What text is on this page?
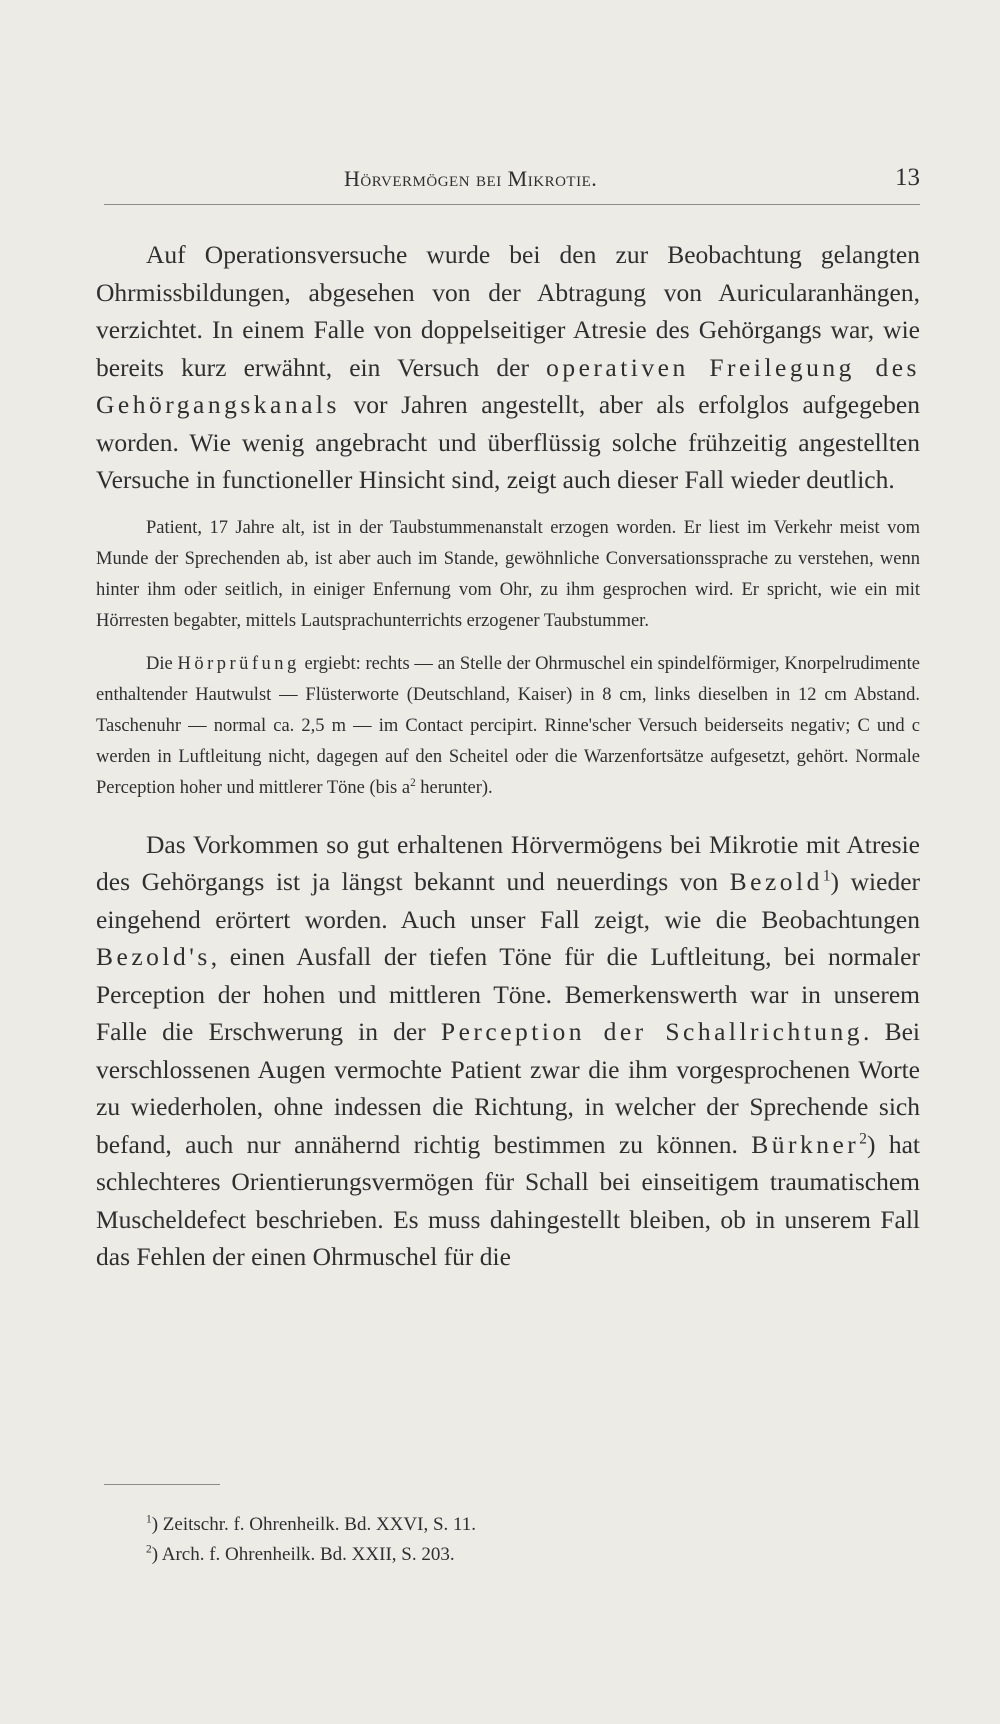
Hörvermögen bei Mikrotie.	13

Auf Operationsversuche wurde bei den zur Beobachtung gelangten Ohrmissbildungen, abgesehen von der Abtragung von Auricularanhängen, verzichtet. In einem Falle von doppelseitiger Atresie des Gehörgangs war, wie bereits kurz erwähnt, ein Versuch der operativen Freilegung des Gehörgangskanals vor Jahren angestellt, aber als erfolglos aufgegeben worden. Wie wenig angebracht und überflüssig solche frühzeitig angestellten Versuche in functioneller Hinsicht sind, zeigt auch dieser Fall wieder deutlich.

Patient, 17 Jahre alt, ist in der Taubstummenanstalt erzogen worden. Er liest im Verkehr meist vom Munde der Sprechenden ab, ist aber auch im Stande, gewöhnliche Conversationssprache zu verstehen, wenn hinter ihm oder seitlich, in einiger Enfernung vom Ohr, zu ihm gesprochen wird. Er spricht, wie ein mit Hörresten begabter, mittels Lautsprachunterrichts erzogener Taubstummer.

Die Hörprüfung ergiebt: rechts — an Stelle der Ohrmuschel ein spindelförmiger, Knorpelrudimente enthaltender Hautwulst — Flüsterworte (Deutschland, Kaiser) in 8 cm, links dieselben in 12 cm Abstand. Taschenuhr — normal ca. 2,5 m — im Contact percipirt. Rinne'scher Versuch beiderseits negativ; C und c werden in Luftleitung nicht, dagegen auf den Scheitel oder die Warzenfortsätze aufgesetzt, gehört. Normale Perception hoher und mittlerer Töne (bis $a^2$ herunter).

Das Vorkommen so gut erhaltenen Hörvermögens bei Mikrotie mit Atresie des Gehörgangs ist ja längst bekannt und neuerdings von Bezold$^1$) wieder eingehend erörtert worden. Auch unser Fall zeigt, wie die Beobachtungen Bezold's, einen Ausfall der tiefen Töne für die Luftleitung, bei normaler Perception der hohen und mittleren Töne. Bemerkenswerth war in unserem Falle die Erschwerung in der Perception der Schallrichtung. Bei verschlossenen Augen vermochte Patient zwar die ihm vorgesprochenen Worte zu wiederholen, ohne indessen die Richtung, in welcher der Sprechende sich befand, auch nur annähernd richtig bestimmen zu können. Bürkner$^2$) hat schlechteres Orientierungsvermögen für Schall bei einseitigem traumatischem Muscheldefect beschrieben. Es muss dahingestellt bleiben, ob in unserem Fall das Fehlen der einen Ohrmuschel für die

$^1$) Zeitschr. f. Ohrenheilk. Bd. XXVI, S. 11.

$^2$) Arch. f. Ohrenheilk. Bd. XXII, S. 203.
